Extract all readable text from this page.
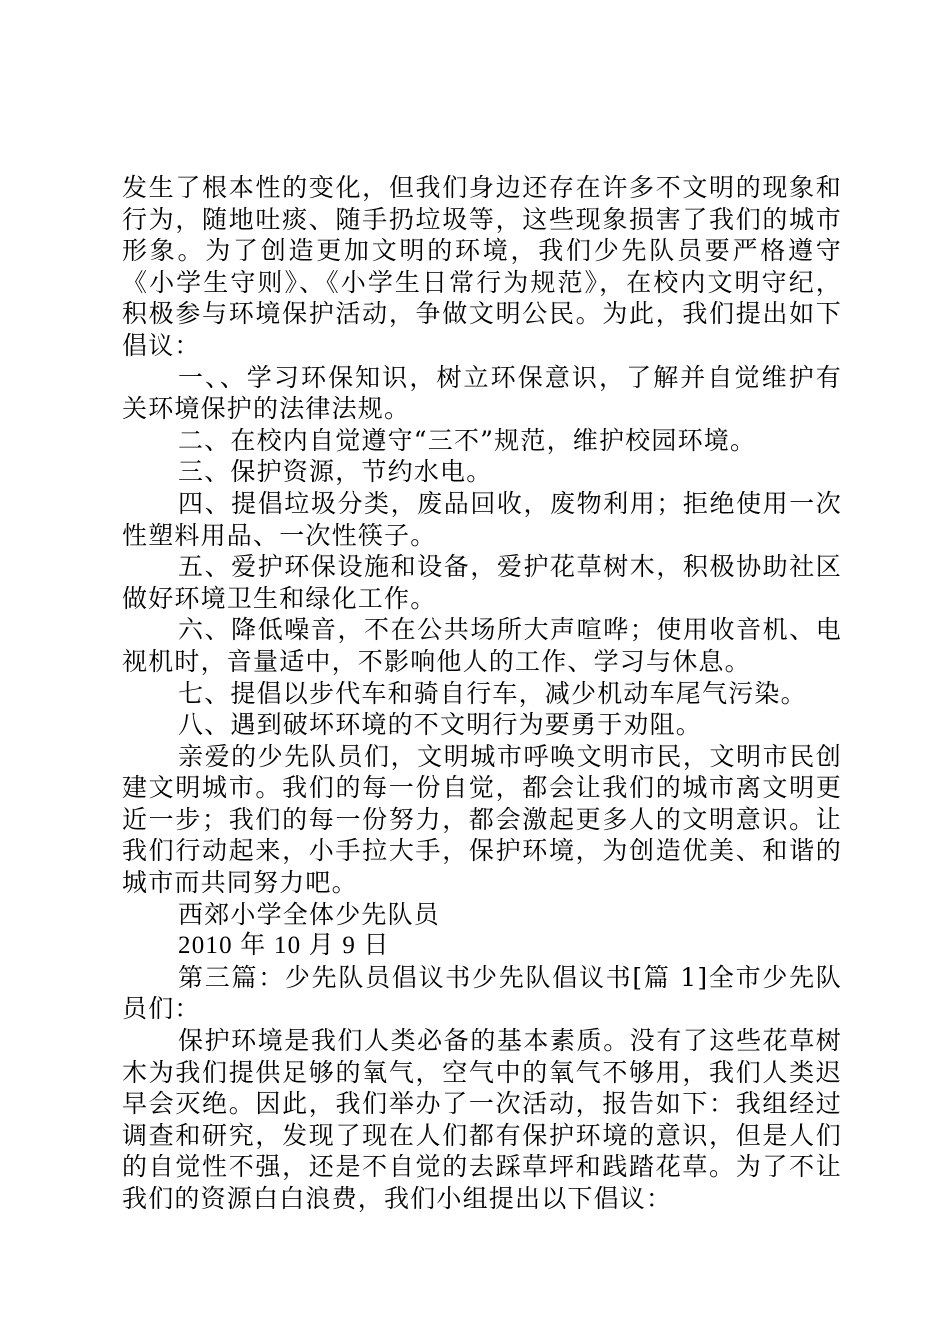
发生了根本性的变化，但我们身边还存在许多不文明的现象和行为，随地吐痰、随手扔垃圾等，这些现象损害了我们的城市形象。为了创造更加文明的环境，我们少先队员要严格遵守《小学生守则》、《小学生日常行为规范》，在校内文明守纪，积极参与环境保护活动，争做文明公民。为此，我们提出如下倡议：

一、、学习环保知识，树立环保意识，了解并自觉维护有关环境保护的法律法规。

二、在校内自觉遵守“三不”规范，维护校园环境。

三、保护资源，节约水电。

四、提倡垃圾分类，废品回收，废物利用；拒绝使用一次性塑料用品、一次性筷子。

五、爱护环保设施和设备，爱护花草树木，积极协助社区做好环境卫生和绿化工作。

六、降低噪音，不在公共场所大声喧哗；使用收音机、电视机时，音量适中，不影响他人的工作、学习与休息。

七、提倡以步代车和骑自行车，减少机动车尾气污染。

八、遇到破坏环境的不文明行为要勇于劝阻。

亲爱的少先队员们，文明城市呼唤文明市民，文明市民创建文明城市。我们的每一份自觉，都会让我们的城市离文明更近一步；我们的每一份努力，都会激起更多人的文明意识。让我们行动起来，小手拉大手，保护环境，为创造优美、和谐的城市而共同努力吧。

西郊小学全体少先队员

2010 年 10 月 9 日

第三篇：少先队员倡议书少先队倡议书[篇 1]全市少先队员们：

保护环境是我们人类必备的基本素质。没有了这些花草树木为我们提供足够的氧气，空气中的氧气不够用，我们人类迟早会灭绝。因此，我们举办了一次活动，报告如下：我组经过调查和研究，发现了现在人们都有保护环境的意识，但是人们的自觉性不强，还是不自觉的去踩草坪和践踏花草。为了不让我们的资源白白浪费，我们小组提出以下倡议：
